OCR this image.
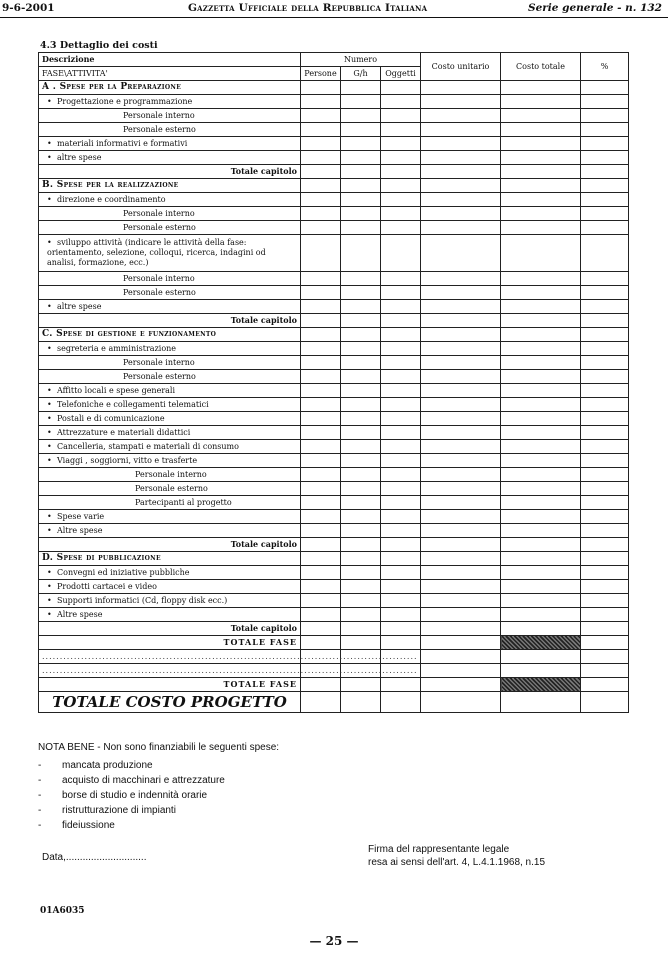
9-6-2001	Gazzetta Ufficiale della Repubblica Italiana	Serie generale - n. 132
4.3 Dettaglio dei costi
Descrizione	Numero			Costo unitario	Costo totale	%
FASE\ATTIVITA'	Persone	G/h	Oggetti			
A . Spese per la Preparazione						
• Progettazione e programmazione						
Personale interno						
Personale esterno						
• materiali informativi e formativi						
• altre spese						
Totale capitolo						
B. Spese per la realizzazione						
• direzione e coordinamento						
Personale interno						
Personale esterno						
• sviluppo attività (indicare le attività della fase: orientamento, selezione, colloqui, ricerca, indagini od analisi, formazione, ecc.)						
Personale interno						
Personale esterno						
• altre spese						
Totale capitolo						
C. Spese di gestione e funzionamento						
• segreteria e amministrazione						
Personale interno						
Personale esterno						
• Affitto locali e spese generali						
• Telefoniche e collegamenti telematici						
• Postali e di comunicazione						
• Attrezzature e materiali didattici						
• Cancelleria, stampati e materiali di consumo						
• Viaggi , soggiorni, vitto e trasferte						
Personale interno						
Personale esterno						
Partecipanti al progetto						
• Spese varie						
• Altre spese						
Totale capitolo						
D. Spese di pubblicazione						
• Convegni ed iniziative pubbliche						
• Prodotti cartacei e video						
• Supporti informatici (Cd, floppy disk ecc.)						
• Altre spese						
Totale capitolo						
TOTALE FASE						
..........................................................................................................						
..........................................................................................................						
TOTALE FASE						
TOTALE COSTO PROGETTO						
NOTA BENE - Non sono finanziabili le seguenti spese:
- mancata produzione
- acquisto di macchinari e attrezzature
- borse di studio e indennità orarie
- ristrutturazione di impianti
- fideiussione
Data,.............................
Firma del rappresentante legale
resa ai sensi dell'art. 4, L.4.1.1968, n.15
01A6035
— 25 —
